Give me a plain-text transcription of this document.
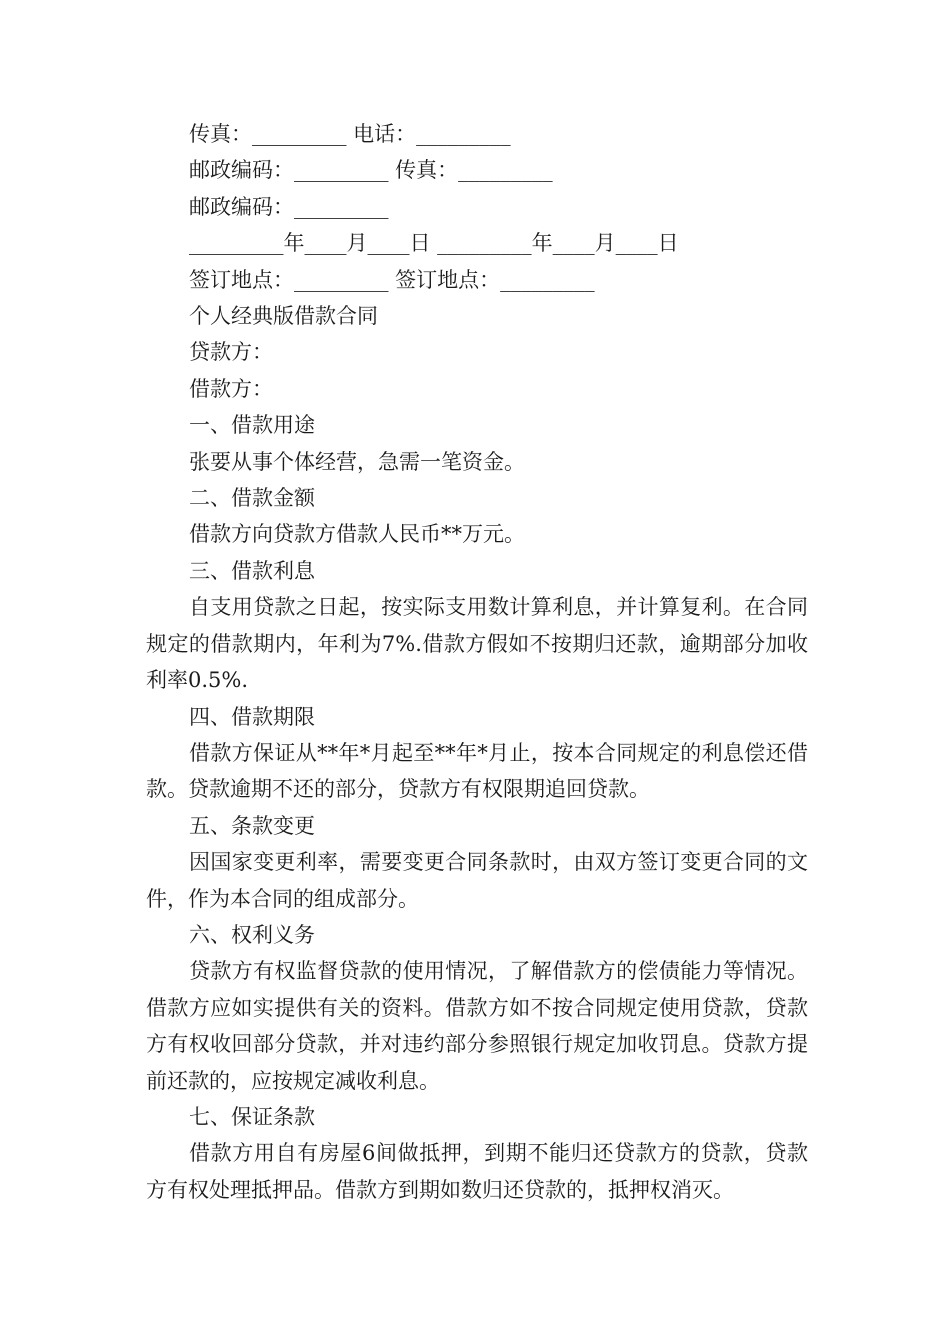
传真：_________ 电话：_________
邮政编码：_________ 传真：_________
邮政编码：_________
_________年____月____日 _________年____月____日
签订地点：_________ 签订地点：_________
个人经典版借款合同
贷款方：
借款方：
一、借款用途
张要从事个体经营，急需一笔资金。
二、借款金额
借款方向贷款方借款人民币**万元。
三、借款利息
自支用贷款之日起，按实际支用数计算利息，并计算复利。在合同规定的借款期内，年利为7%.借款方假如不按期归还款，逾期部分加收利率0.5%.
四、借款期限
借款方保证从**年*月起至**年*月止，按本合同规定的利息偿还借款。贷款逾期不还的部分，贷款方有权限期追回贷款。
五、条款变更
因国家变更利率，需要变更合同条款时，由双方签订变更合同的文件，作为本合同的组成部分。
六、权利义务
贷款方有权监督贷款的使用情况，了解借款方的偿债能力等情况。借款方应如实提供有关的资料。借款方如不按合同规定使用贷款，贷款方有权收回部分贷款，并对违约部分参照银行规定加收罚息。贷款方提前还款的，应按规定减收利息。
七、保证条款
借款方用自有房屋6间做抵押，到期不能归还贷款方的贷款，贷款方有权处理抵押品。借款方到期如数归还贷款的，抵押权消灭。
